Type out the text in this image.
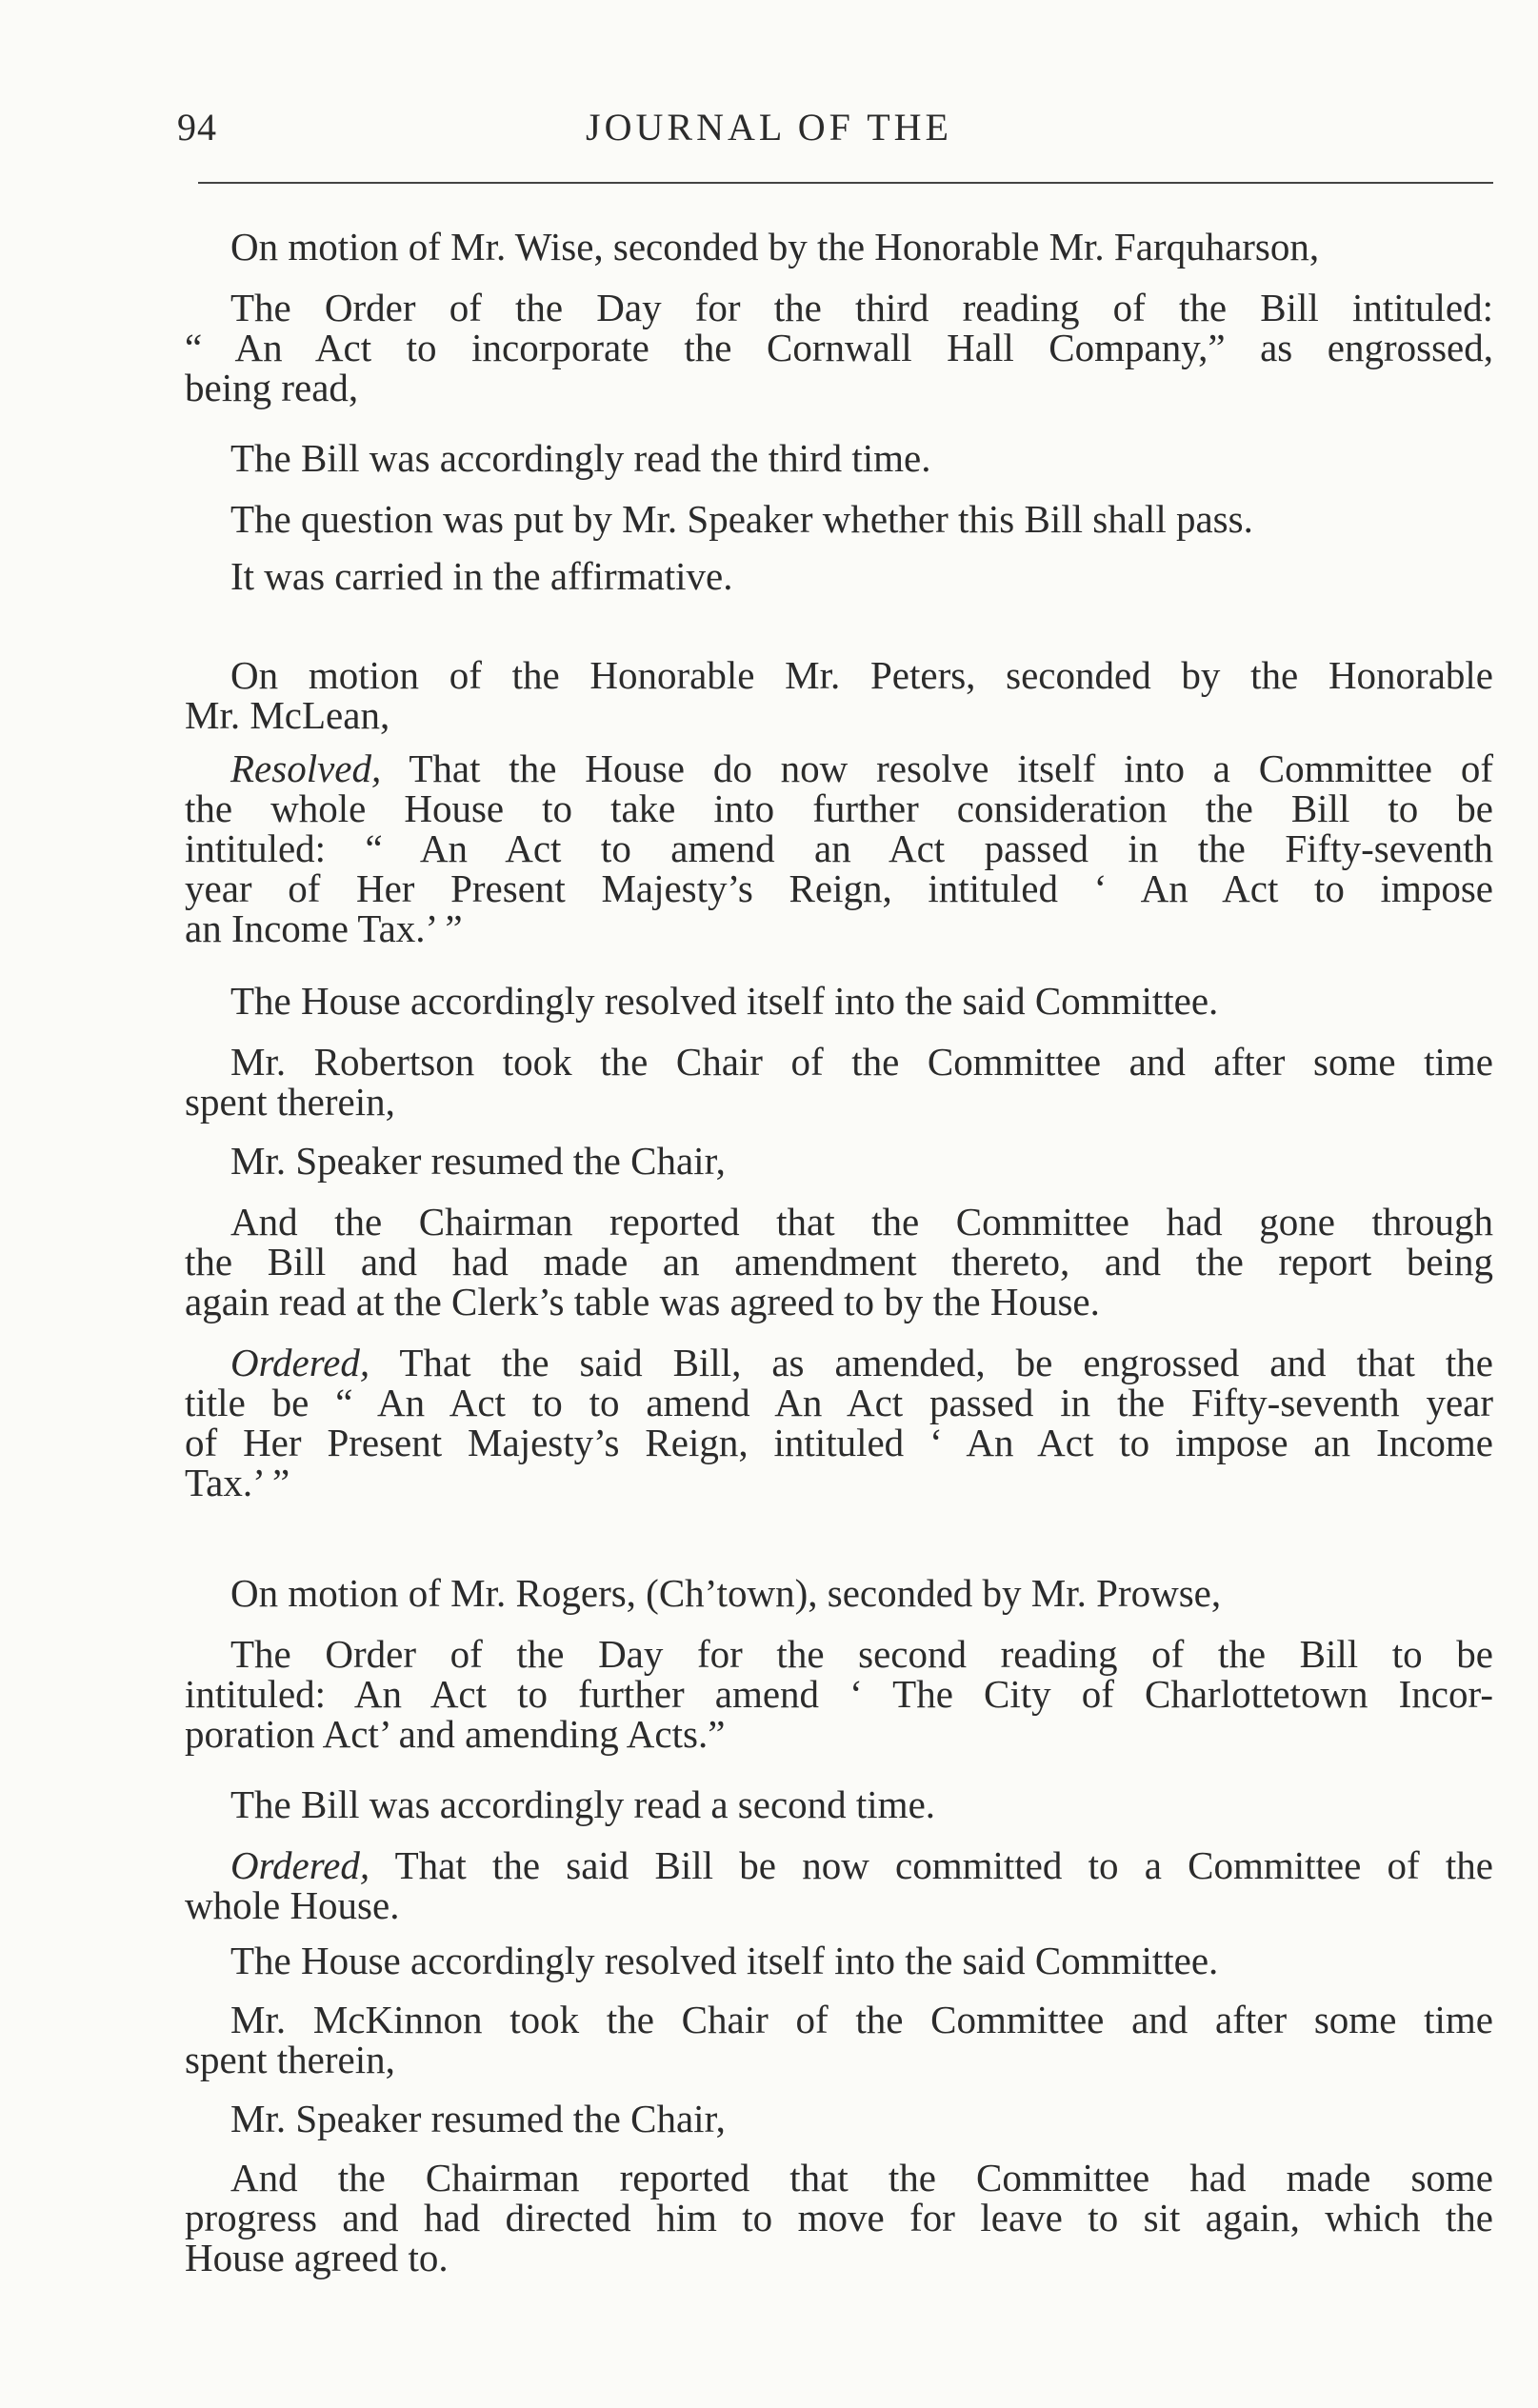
94	JOURNAL OF THE
On motion of Mr. Wise, seconded by the Honorable Mr. Farquharson,
The Order of the Day for the third reading of the Bill intituled:
“ An Act to incorporate the Cornwall Hall Company,” as engrossed,
being read,
The Bill was accordingly read the third time.
The question was put by Mr. Speaker whether this Bill shall pass.
It was carried in the affirmative.
On motion of the Honorable Mr. Peters, seconded by the Honorable
Mr. McLean,
Resolved, That the House do now resolve itself into a Committee of
the whole House to take into further consideration the Bill to be
intituled: “ An Act to amend an Act passed in the Fifty-seventh
year of Her Present Majesty’s Reign, intituled ‘ An Act to impose
an Income Tax.’ ”
The House accordingly resolved itself into the said Committee.
Mr. Robertson took the Chair of the Committee and after some time
spent therein,
Mr. Speaker resumed the Chair,
And the Chairman reported that the Committee had gone through
the Bill and had made an amendment thereto, and the report being
again read at the Clerk’s table was agreed to by the House.
Ordered, That the said Bill, as amended, be engrossed and that the
title be “ An Act to to amend An Act passed in the Fifty-seventh year
of Her Present Majesty’s Reign, intituled ‘ An Act to impose an Income
Tax.’ ”
On motion of Mr. Rogers, (Ch’town), seconded by Mr. Prowse,
The Order of the Day for the second reading of the Bill to be
intituled: An Act to further amend ‘ The City of Charlottetown Incor-
poration Act’ and amending Acts.”
The Bill was accordingly read a second time.
Ordered, That the said Bill be now committed to a Committee of the
whole House.
The House accordingly resolved itself into the said Committee.
Mr. McKinnon took the Chair of the Committee and after some time
spent therein,
Mr. Speaker resumed the Chair,
And the Chairman reported that the Committee had made some
progress and had directed him to move for leave to sit again, which the
House agreed to.
